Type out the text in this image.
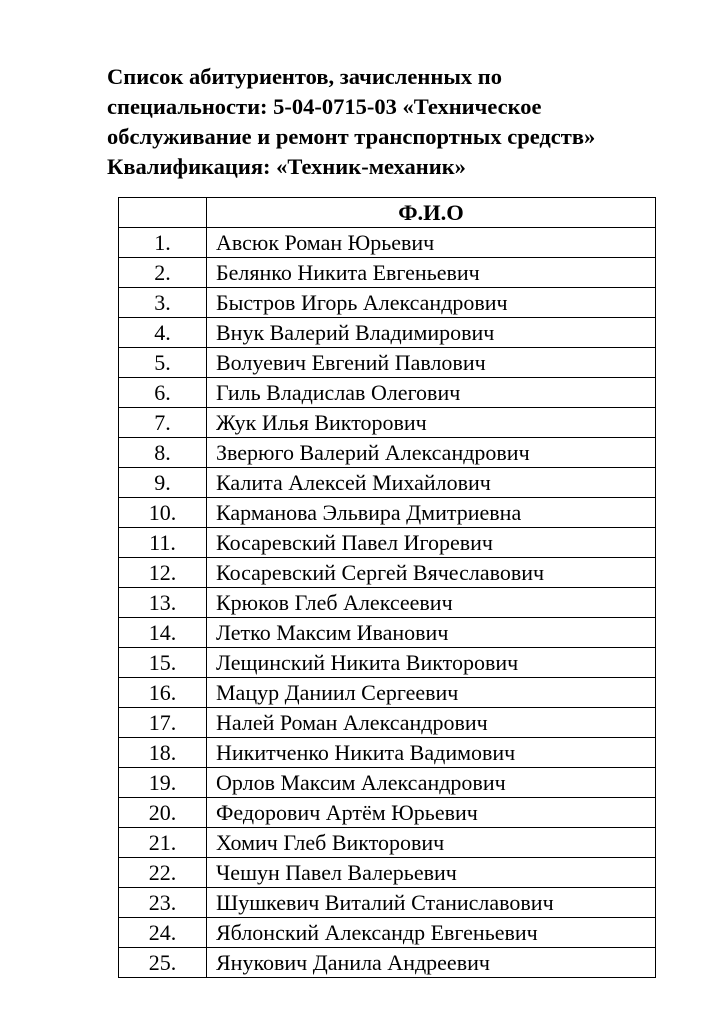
Список абитуриентов, зачисленных по
специальности: 5-04-0715-03 «Техническое
обслуживание и ремонт транспортных средств»
Квалификация: «Техник-механик»
	Ф.И.О
1.	Авсюк Роман Юрьевич
2.	Белянко Никита Евгеньевич
3.	Быстров Игорь Александрович
4.	Внук Валерий Владимирович
5.	Волуевич Евгений Павлович
6.	Гиль Владислав Олегович
7.	Жук Илья Викторович
8.	Зверюго Валерий Александрович
9.	Калита Алексей Михайлович
10.	Карманова Эльвира Дмитриевна
11.	Косаревский Павел Игоревич
12.	Косаревский Сергей Вячеславович
13.	Крюков Глеб Алексеевич
14.	Летко Максим Иванович
15.	Лещинский Никита Викторович
16.	Мацур Даниил Сергеевич
17.	Налей Роман Александрович
18.	Никитченко Никита Вадимович
19.	Орлов Максим Александрович
20.	Федорович Артём Юрьевич
21.	Хомич Глеб Викторович
22.	Чешун Павел Валерьевич
23.	Шушкевич Виталий Станиславович
24.	Яблонский Александр Евгеньевич
25.	Янукович Данила Андреевич
